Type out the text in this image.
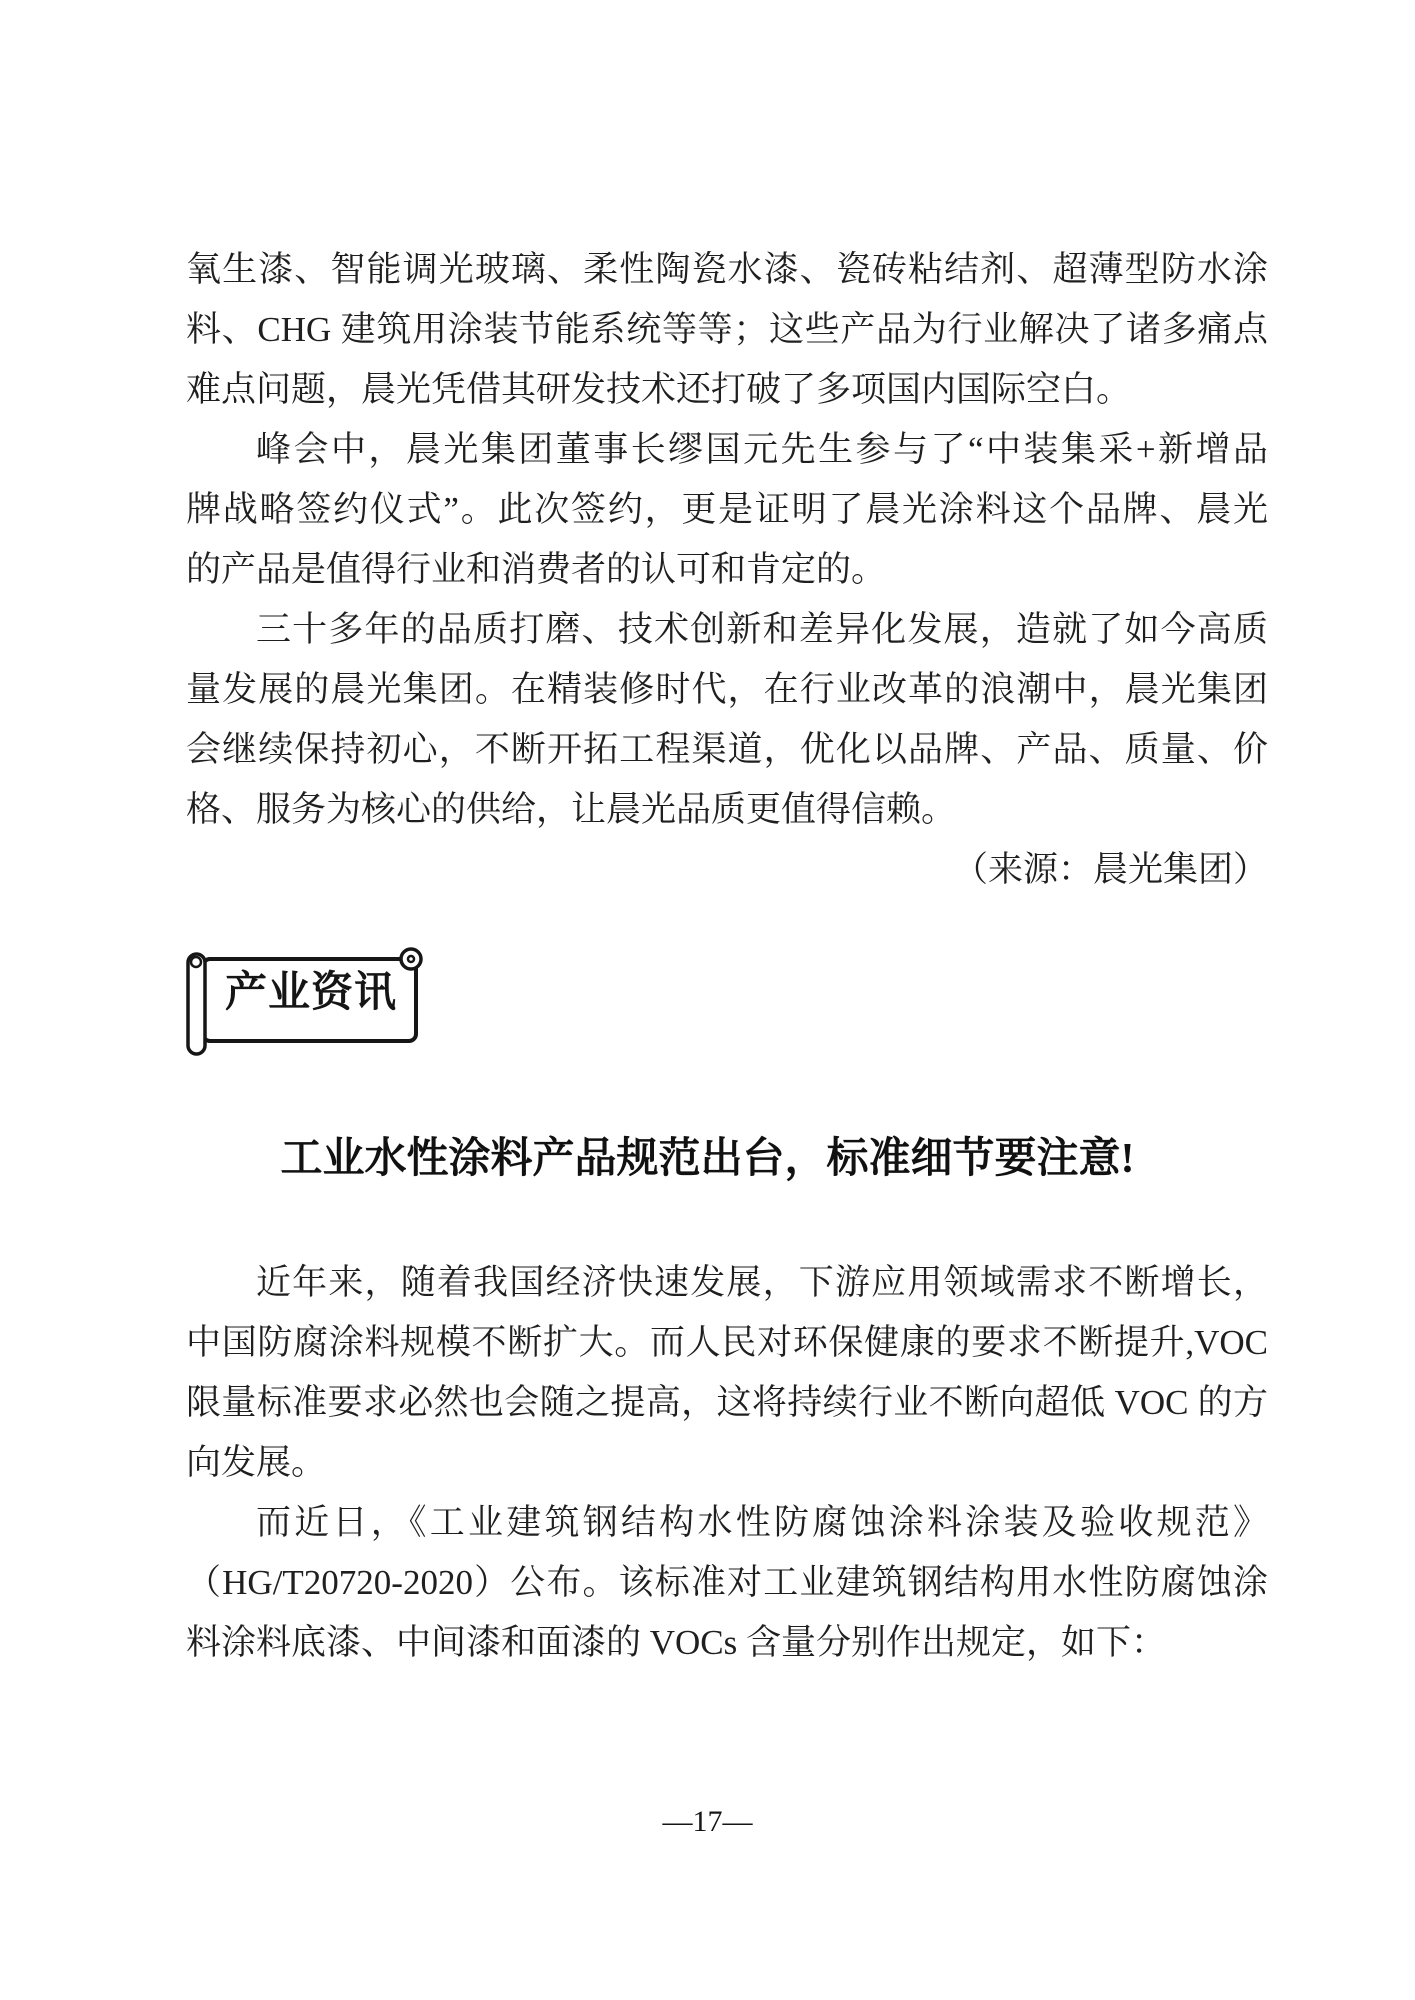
氧生漆、智能调光玻璃、柔性陶瓷水漆、瓷砖粘结剂、超薄型防水涂
料、CHG 建筑用涂装节能系统等等；这些产品为行业解决了诸多痛点
难点问题，晨光凭借其研发技术还打破了多项国内国际空白。
峰会中，晨光集团董事长缪国元先生参与了“中装集采+新增品
牌战略签约仪式”。此次签约，更是证明了晨光涂料这个品牌、晨光
的产品是值得行业和消费者的认可和肯定的。
三十多年的品质打磨、技术创新和差异化发展，造就了如今高质
量发展的晨光集团。在精装修时代，在行业改革的浪潮中，晨光集团
会继续保持初心，不断开拓工程渠道，优化以品牌、产品、质量、价
格、服务为核心的供给，让晨光品质更值得信赖。
（来源：晨光集团）
产业资讯
工业水性涂料产品规范出台，标准细节要注意!
近年来，随着我国经济快速发展，下游应用领域需求不断增长，
中国防腐涂料规模不断扩大。而人民对环保健康的要求不断提升,VOC
限量标准要求必然也会随之提高，这将持续行业不断向超低 VOC 的方
向发展。
而近日，《工业建筑钢结构水性防腐蚀涂料涂装及验收规范》
（HG/T20720-2020）公布。该标准对工业建筑钢结构用水性防腐蚀涂
料涂料底漆、中间漆和面漆的 VOCs 含量分别作出规定，如下：
—17—
